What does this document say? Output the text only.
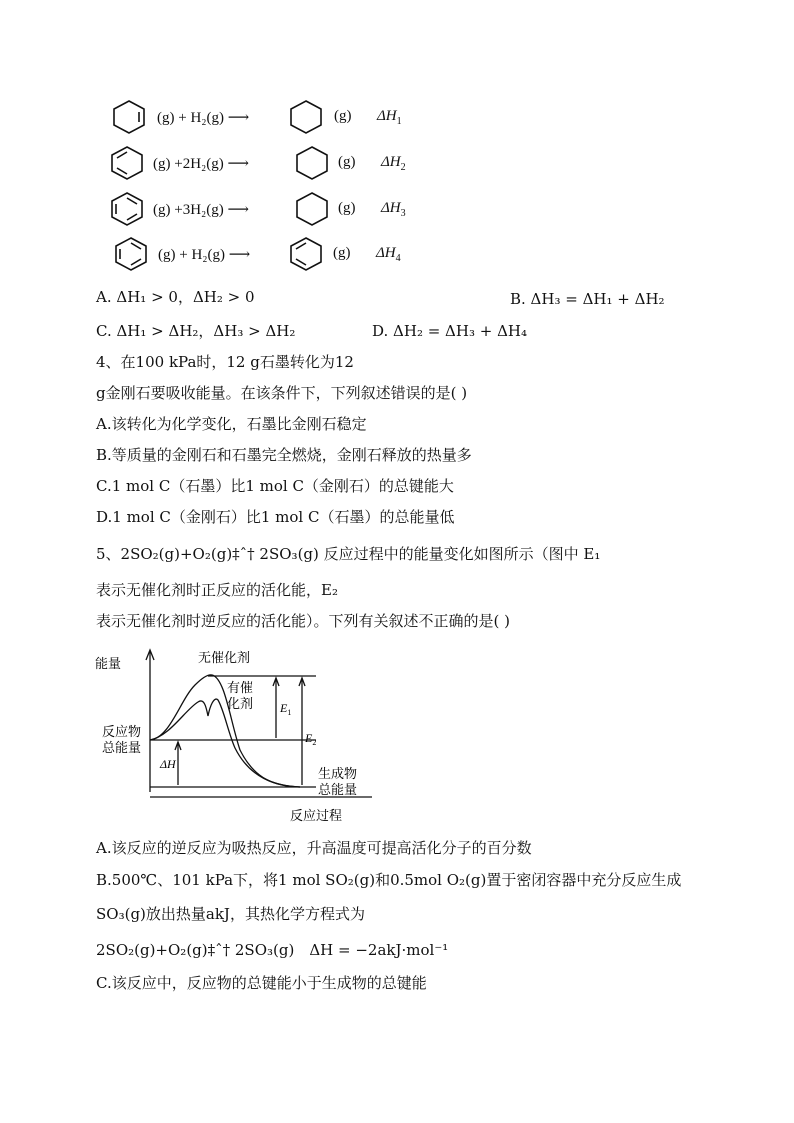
(g) + H₂(g) ⟶	(g) $\Delta H_1$
(g) +2H₂(g) ⟶	(g) $\Delta H_2$
(g) +3H₂(g) ⟶	(g) $\Delta H_3$
(g) + H₂(g) ⟶	(g) $\Delta H_4$
A. ΔH₁ > 0，ΔH₂ > 0	B. ΔH₃ = ΔH₁ + ΔH₂
C. ΔH₁ > ΔH₂，ΔH₃ > ΔH₂	D. ΔH₂ = ΔH₃ + ΔH₄
4、在100 kPa时，12 g石墨转化为12
g金刚石要吸收能量。在该条件下，下列叙述错误的是( )
A.该转化为化学变化，石墨比金刚石稳定
B.等质量的金刚石和石墨完全燃烧，金刚石释放的热量多
C.1 mol C（石墨）比1 mol C（金刚石）的总键能大
D.1 mol C（金刚石）比1 mol C（石墨）的总能量低
5、2SO₂(g)+O₂(g)‡ˆ† 2SO₃(g) 反应过程中的能量变化如图所示（图中 E₁
表示无催化剂时正反应的活化能，E₂
表示无催化剂时逆反应的活化能）。下列有关叙述不正确的是( )
能量
反应过程
无催化剂
有催
化剂
反应物
总能量
生成物
总能量
$E_1$
$E_2$
ΔH
A.该反应的逆反应为吸热反应，升高温度可提高活化分子的百分数
B.500℃、101 kPa下，将1 mol SO₂(g)和0.5mol O₂(g)置于密闭容器中充分反应生成
SO₃(g)放出热量akJ，其热化学方程式为
2SO₂(g)+O₂(g)‡ˆ† 2SO₃(g)　ΔH = −2akJ·mol⁻¹
C.该反应中，反应物的总键能小于生成物的总键能
